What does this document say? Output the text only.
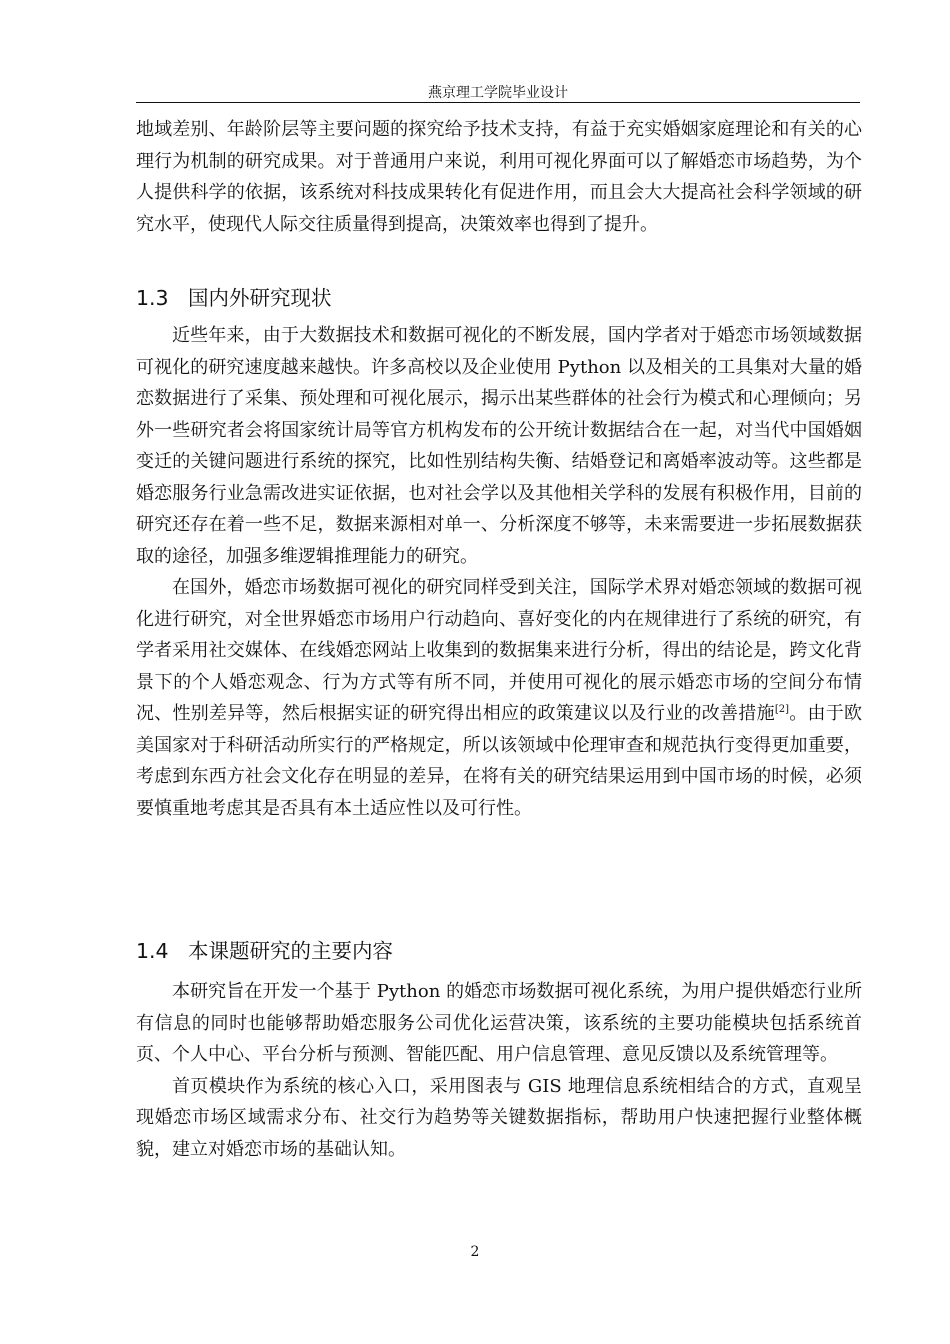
燕京理工学院毕业设计

地域差别、年龄阶层等主要问题的探究给予技术支持，有益于充实婚姻家庭理论和有关的心理行为机制的研究成果。对于普通用户来说，利用可视化界面可以了解婚恋市场趋势，为个人提供科学的依据，该系统对科技成果转化有促进作用，而且会大大提高社会科学领域的研究水平，使现代人际交往质量得到提高，决策效率也得到了提升。

1.3 国内外研究现状

近些年来，由于大数据技术和数据可视化的不断发展，国内学者对于婚恋市场领域数据可视化的研究速度越来越快。许多高校以及企业使用 Python 以及相关的工具集对大量的婚恋数据进行了采集、预处理和可视化展示，揭示出某些群体的社会行为模式和心理倾向；另外一些研究者会将国家统计局等官方机构发布的公开统计数据结合在一起，对当代中国婚姻变迁的关键问题进行系统的探究，比如性别结构失衡、结婚登记和离婚率波动等。这些都是婚恋服务行业急需改进实证依据，也对社会学以及其他相关学科的发展有积极作用，目前的研究还存在着一些不足，数据来源相对单一、分析深度不够等，未来需要进一步拓展数据获取的途径，加强多维逻辑推理能力的研究。

在国外，婚恋市场数据可视化的研究同样受到关注，国际学术界对婚恋领域的数据可视化进行研究，对全世界婚恋市场用户行动趋向、喜好变化的内在规律进行了系统的研究，有学者采用社交媒体、在线婚恋网站上收集到的数据集来进行分析，得出的结论是，跨文化背景下的个人婚恋观念、行为方式等有所不同，并使用可视化的展示婚恋市场的空间分布情况、性别差异等，然后根据实证的研究得出相应的政策建议以及行业的改善措施[2]。由于欧美国家对于科研活动所实行的严格规定，所以该领域中伦理审查和规范执行变得更加重要，考虑到东西方社会文化存在明显的差异，在将有关的研究结果运用到中国市场的时候，必须要慎重地考虑其是否具有本土适应性以及可行性。

1.4 本课题研究的主要内容

本研究旨在开发一个基于 Python 的婚恋市场数据可视化系统，为用户提供婚恋行业所有信息的同时也能够帮助婚恋服务公司优化运营决策，该系统的主要功能模块包括系统首页、个人中心、平台分析与预测、智能匹配、用户信息管理、意见反馈以及系统管理等。

首页模块作为系统的核心入口，采用图表与 GIS 地理信息系统相结合的方式，直观呈现婚恋市场区域需求分布、社交行为趋势等关键数据指标，帮助用户快速把握行业整体概貌，建立对婚恋市场的基础认知。

2
